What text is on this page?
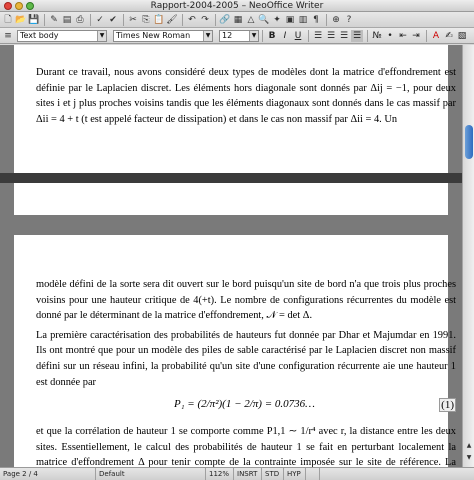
Rapport-2004-2005 – NeoOffice Writer
🗋 📂 💾 ✎ ▤ ⎙ ✓ ✔ ✂ ⎘ 📋 🖌 ↶ ↷ 🔗 ▦ △ 🔍 ✦ ▣ ▥ ¶	⊕ ?
≡	Text body	▼	Times New Roman	▼	12	▼ B I U	☰ ☰ ☰ ☰ № • ⇤ ⇥	A ✍ ▧

Durant ce travail, nous avons considéré deux types de modèles dont la matrice d'effondrement est définie par le Laplacien discret. Les éléments hors diagonale sont donnés par Δij = −1, pour deux sites i et j plus proches voisins tandis que les éléments diagonaux sont donnés dans le cas massif par Δii = 4 + t (t est appelé facteur de dissipation) et dans le cas non massif par Δii = 4. Un

modèle défini de la sorte sera dit ouvert sur le bord puisqu'un site de bord n'a que trois plus proches voisins pour une hauteur critique de 4(+t). Le nombre de configurations récurrentes du modèle est donné par le déterminant de la matrice d'effondrement, 𝒩 = det Δ.

La première caractérisation des probabilités de hauteurs fut donnée par Dhar et Majumdar en 1991. Ils ont montré que pour un modèle des piles de sable caractérisé par le Laplacien discret non massif défini sur un réseau infini, la probabilité qu'un site d'une configuration récurrente aie une hauteur 1 est donnée par

P₁ = (2/π²)(1 − 2/π) = 0.0736…	(1)

et que la corrélation de hauteur 1 se comporte comme P1,1 ∼ 1/r⁴ avec r, la distance entre les deux sites. Essentiellement, le calcul des probabilités de hauteur 1 se fait en perturbant localement la matrice d'effondrement Δ pour tenir compte de la contrainte imposée sur le site de référence. La

▲
▼
Page 2 / 4	Default	112%	INSRT	STD	HYP
